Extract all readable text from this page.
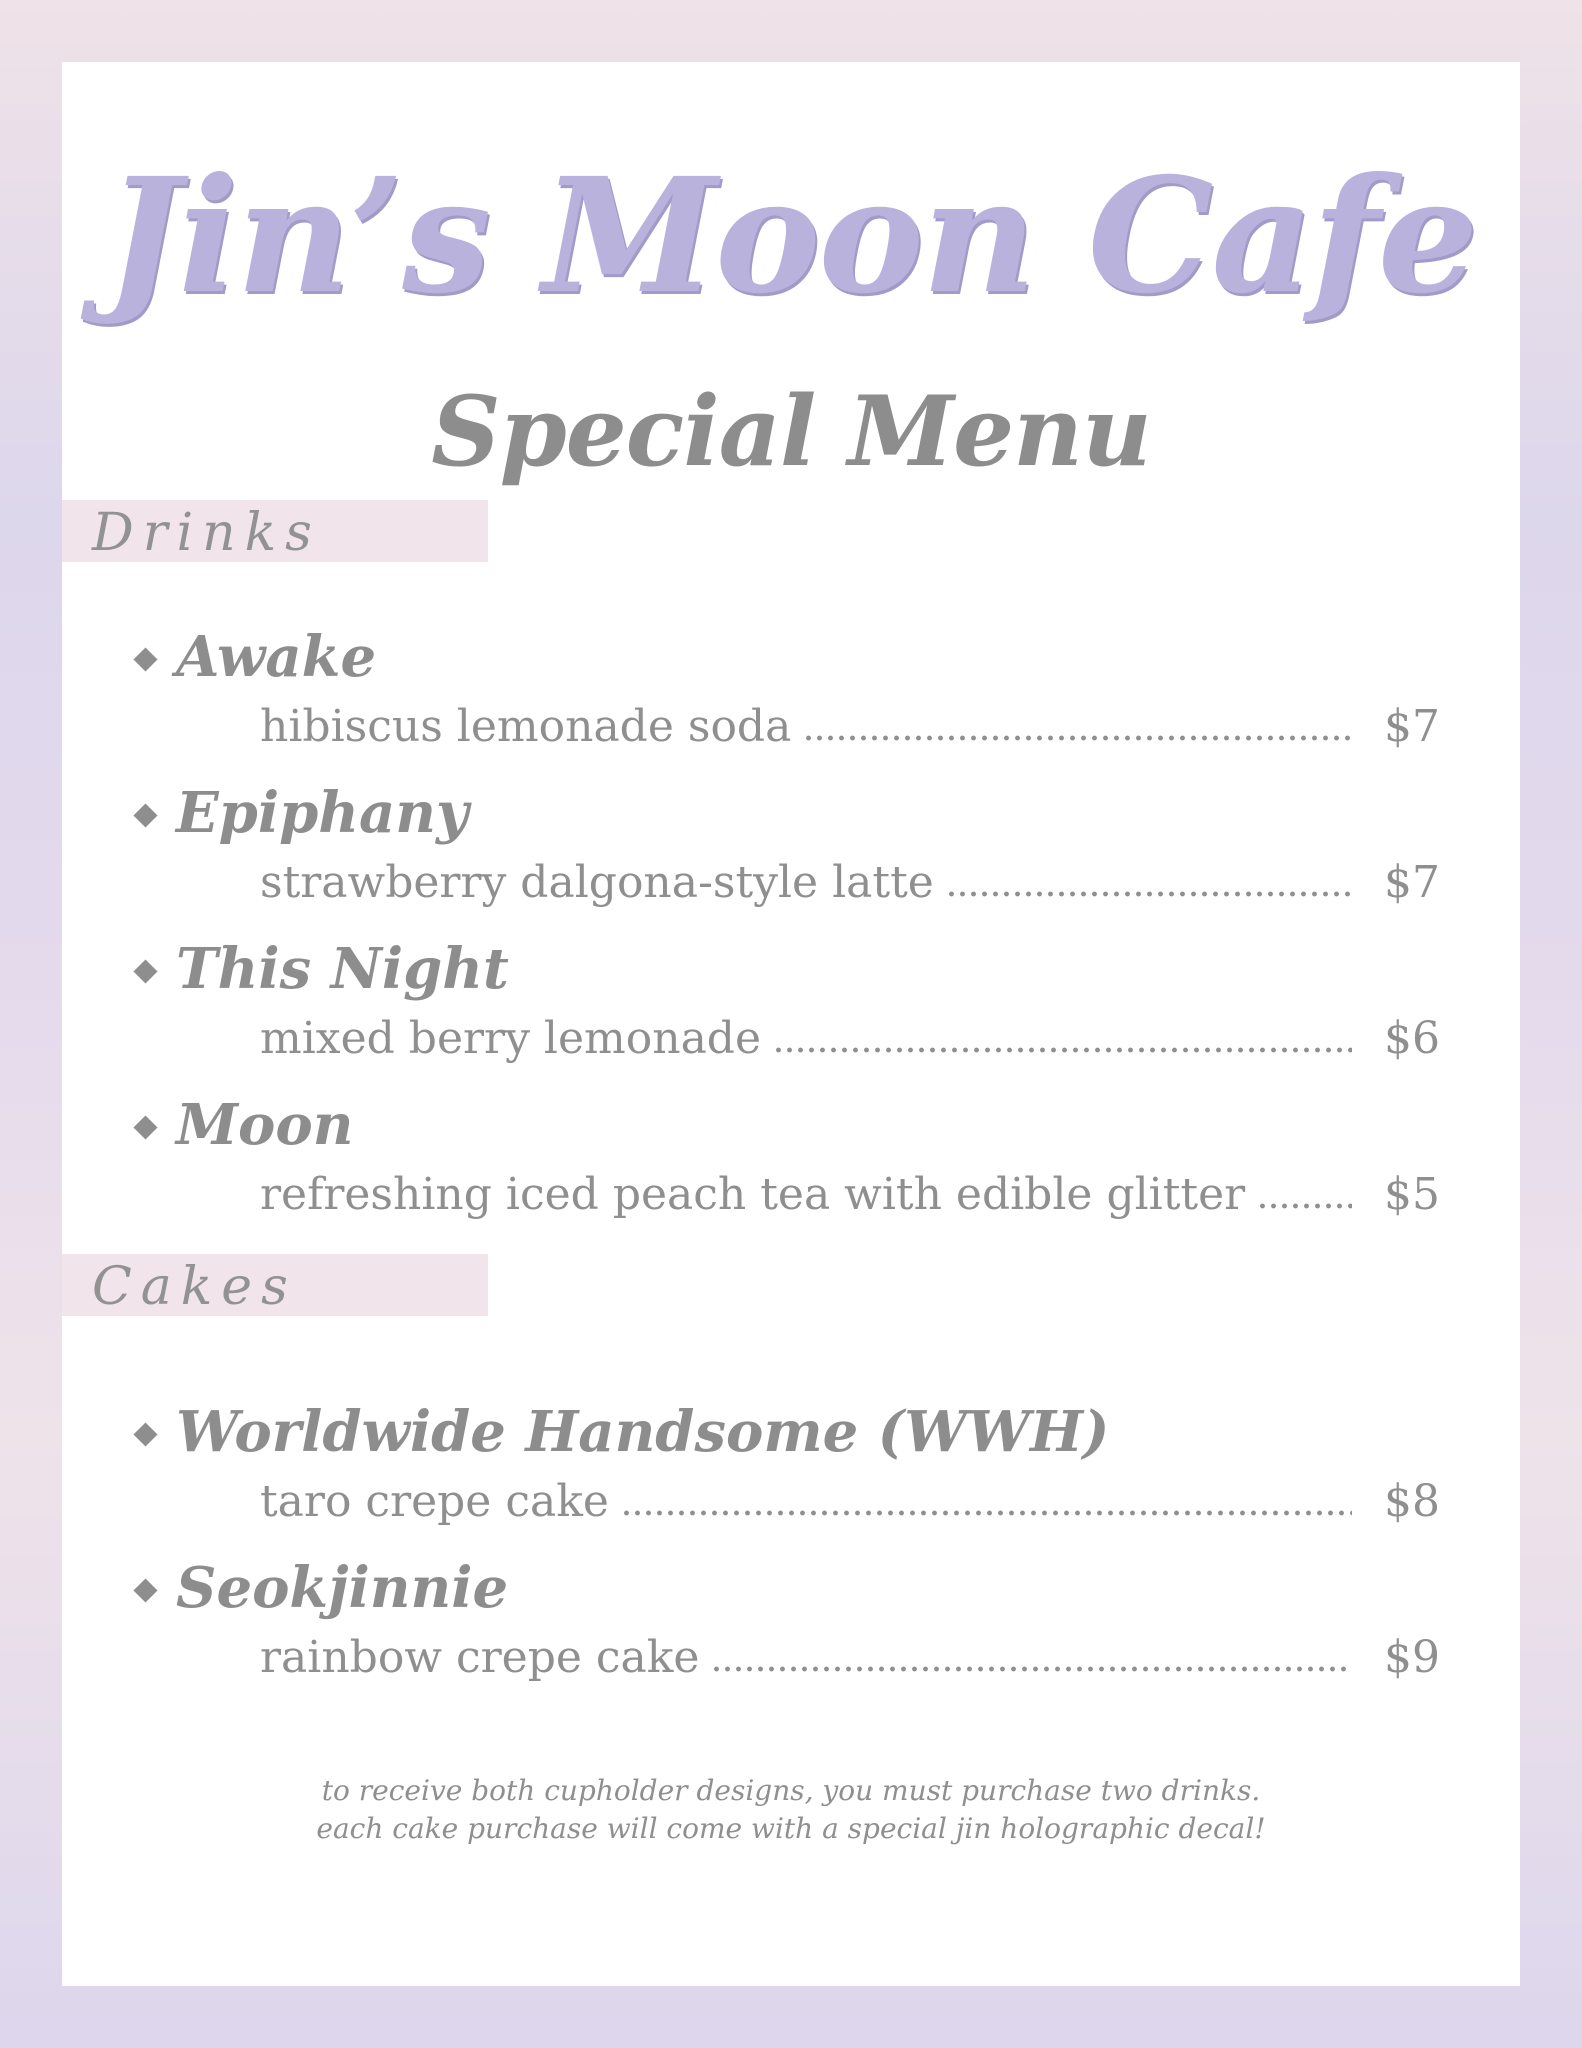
Jin’s Moon Cafe
Special Menu
Drinks
Awake
hibiscus lemonade soda	$7
Epiphany
strawberry dalgona-style latte	$7
This Night
mixed berry lemonade	$6
Moon
refreshing iced peach tea with edible glitter	$5
Cakes
Worldwide Handsome (WWH)
taro crepe cake	$8
Seokjinnie
rainbow crepe cake	$9
to receive both cupholder designs, you must purchase two drinks.
each cake purchase will come with a special jin holographic decal!
